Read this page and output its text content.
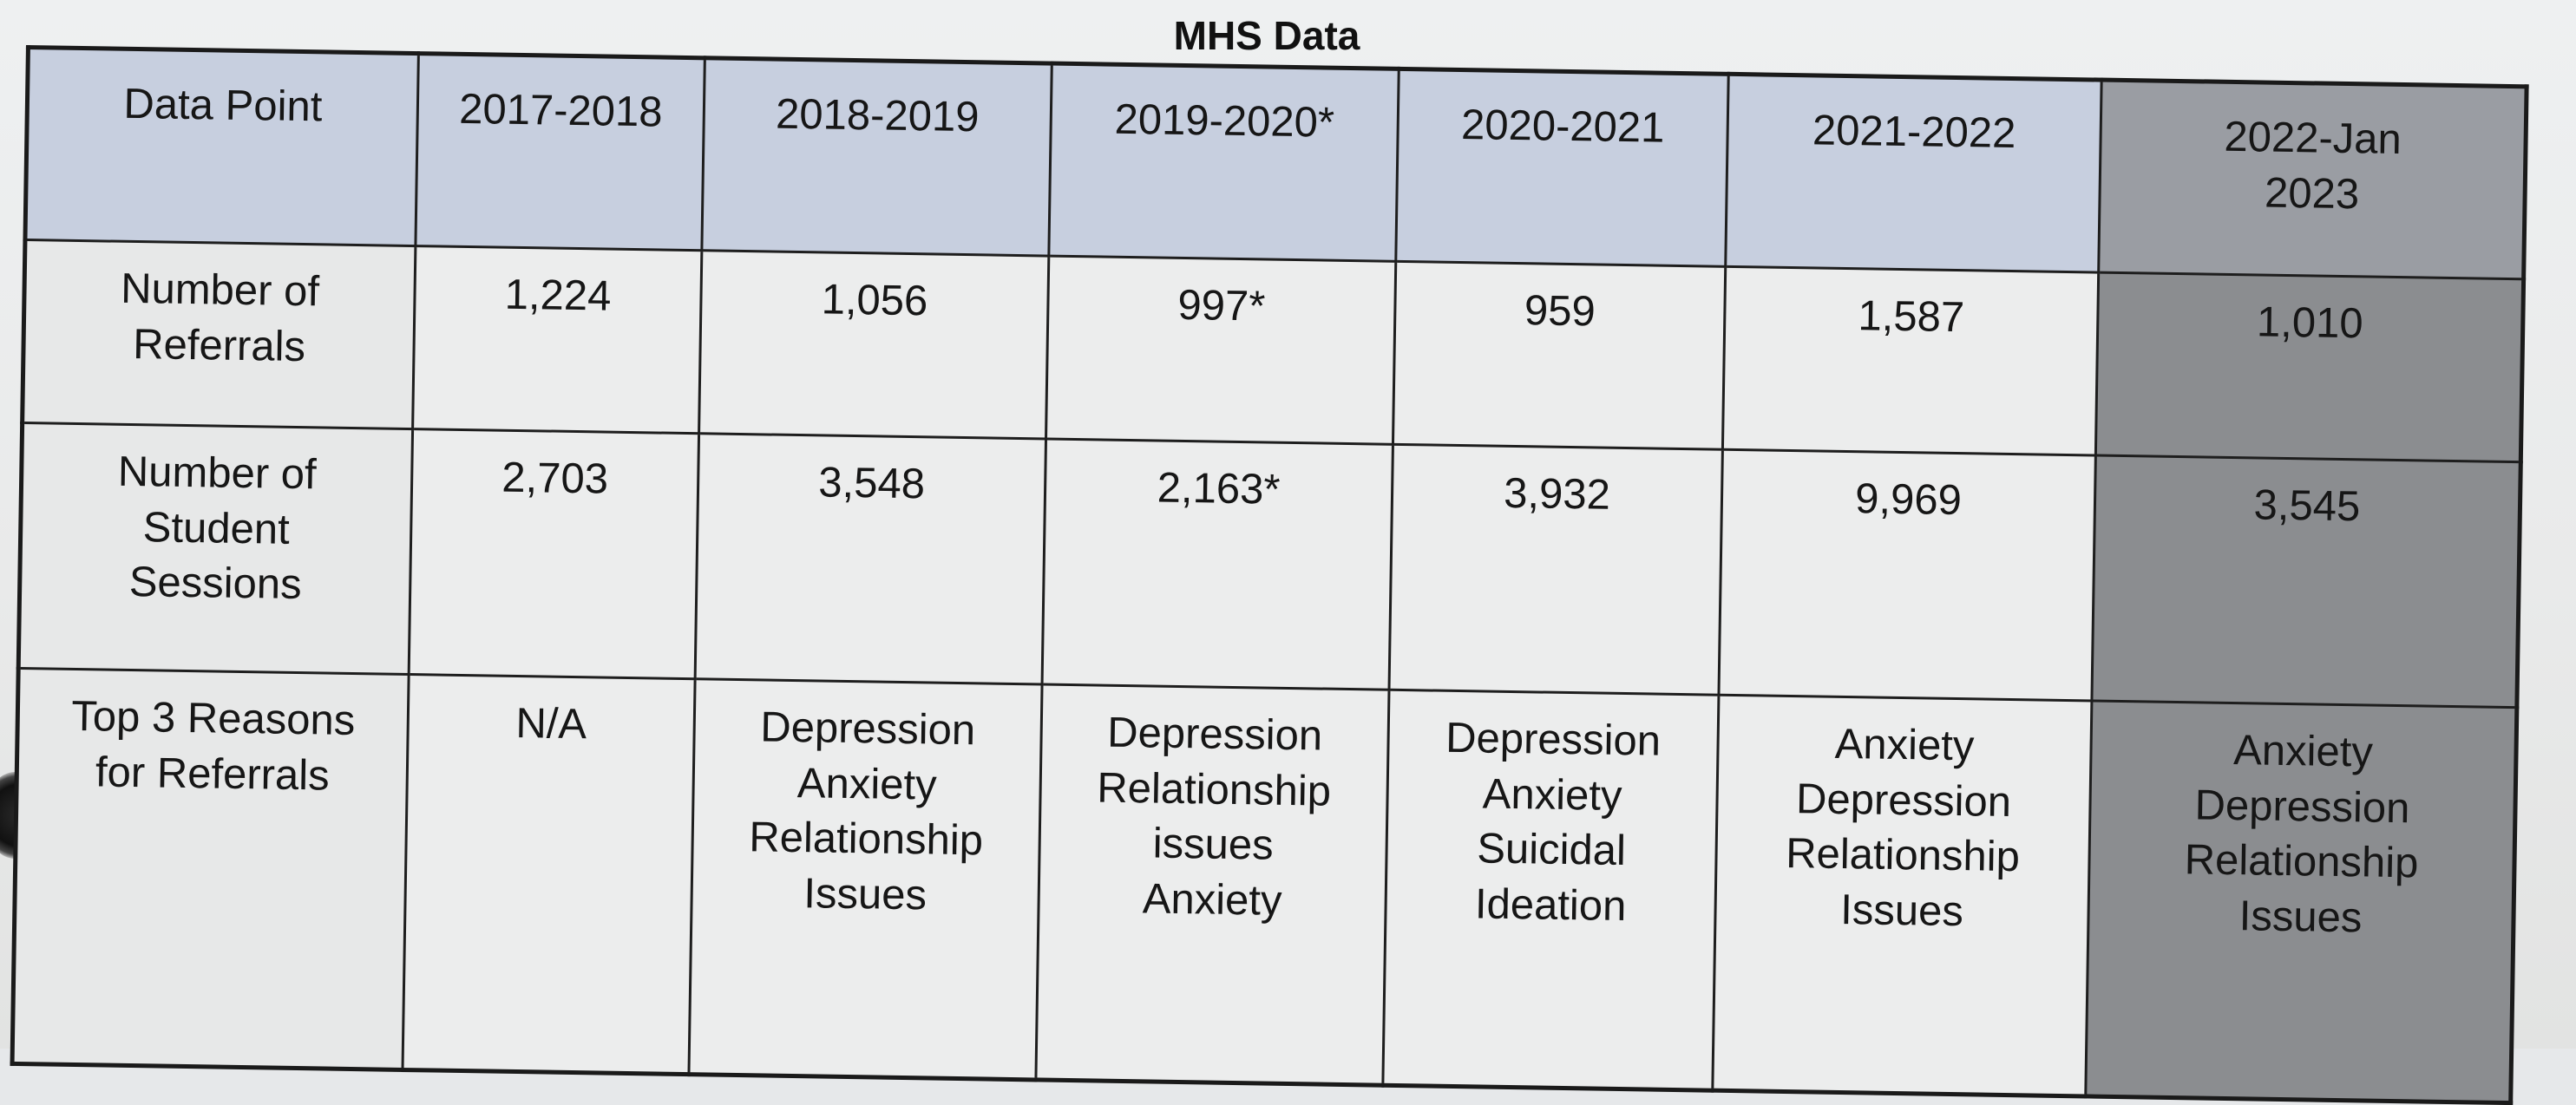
MHS Data
Data Point	2017-2018	2018-2019	2019-2020*	2020-2021	2021-2022	2022-Jan
2023
Number of
Referrals	1,224	1,056	997*	959	1,587	1,010
Number of
Student
Sessions	2,703	3,548	2,163*	3,932	9,969	3,545
Top 3 Reasons
for Referrals	N/A	Depression
Anxiety
Relationship
Issues	Depression
Relationship
issues
Anxiety	Depression
Anxiety
Suicidal
Ideation	Anxiety
Depression
Relationship
Issues	Anxiety
Depression
Relationship
Issues
